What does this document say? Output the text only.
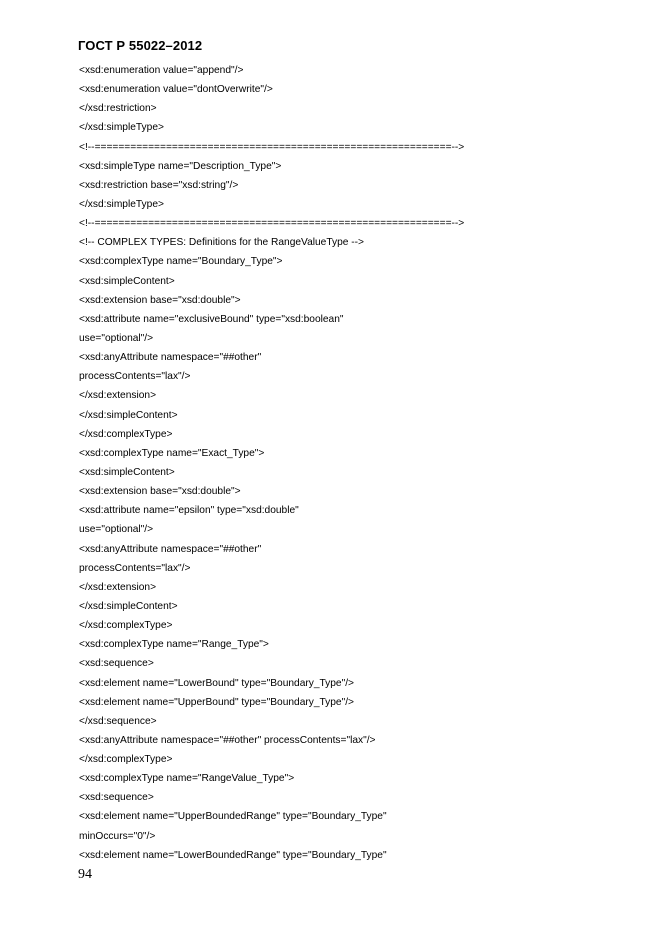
ГОСТ Р 55022–2012
<xsd:enumeration value="append"/>
<xsd:enumeration value="dontOverwrite"/>
</xsd:restriction>
</xsd:simpleType>
<!--============================================================-->
<xsd:simpleType name="Description_Type">
<xsd:restriction base="xsd:string"/>
</xsd:simpleType>
<!--============================================================-->
<!-- COMPLEX TYPES: Definitions for the RangeValueType -->
<xsd:complexType name="Boundary_Type">
<xsd:simpleContent>
<xsd:extension base="xsd:double">
<xsd:attribute name="exclusiveBound" type="xsd:boolean"
use="optional"/>
<xsd:anyAttribute namespace="##other"
processContents="lax"/>
</xsd:extension>
</xsd:simpleContent>
</xsd:complexType>
<xsd:complexType name="Exact_Type">
<xsd:simpleContent>
<xsd:extension base="xsd:double">
<xsd:attribute name="epsilon" type="xsd:double"
use="optional"/>
<xsd:anyAttribute namespace="##other"
processContents="lax"/>
</xsd:extension>
</xsd:simpleContent>
</xsd:complexType>
<xsd:complexType name="Range_Type">
<xsd:sequence>
<xsd:element name="LowerBound" type="Boundary_Type"/>
<xsd:element name="UpperBound" type="Boundary_Type"/>
</xsd:sequence>
<xsd:anyAttribute namespace="##other" processContents="lax"/>
</xsd:complexType>
<xsd:complexType name="RangeValue_Type">
<xsd:sequence>
<xsd:element name="UpperBoundedRange" type="Boundary_Type"
minOccurs="0"/>
<xsd:element name="LowerBoundedRange" type="Boundary_Type"
94
